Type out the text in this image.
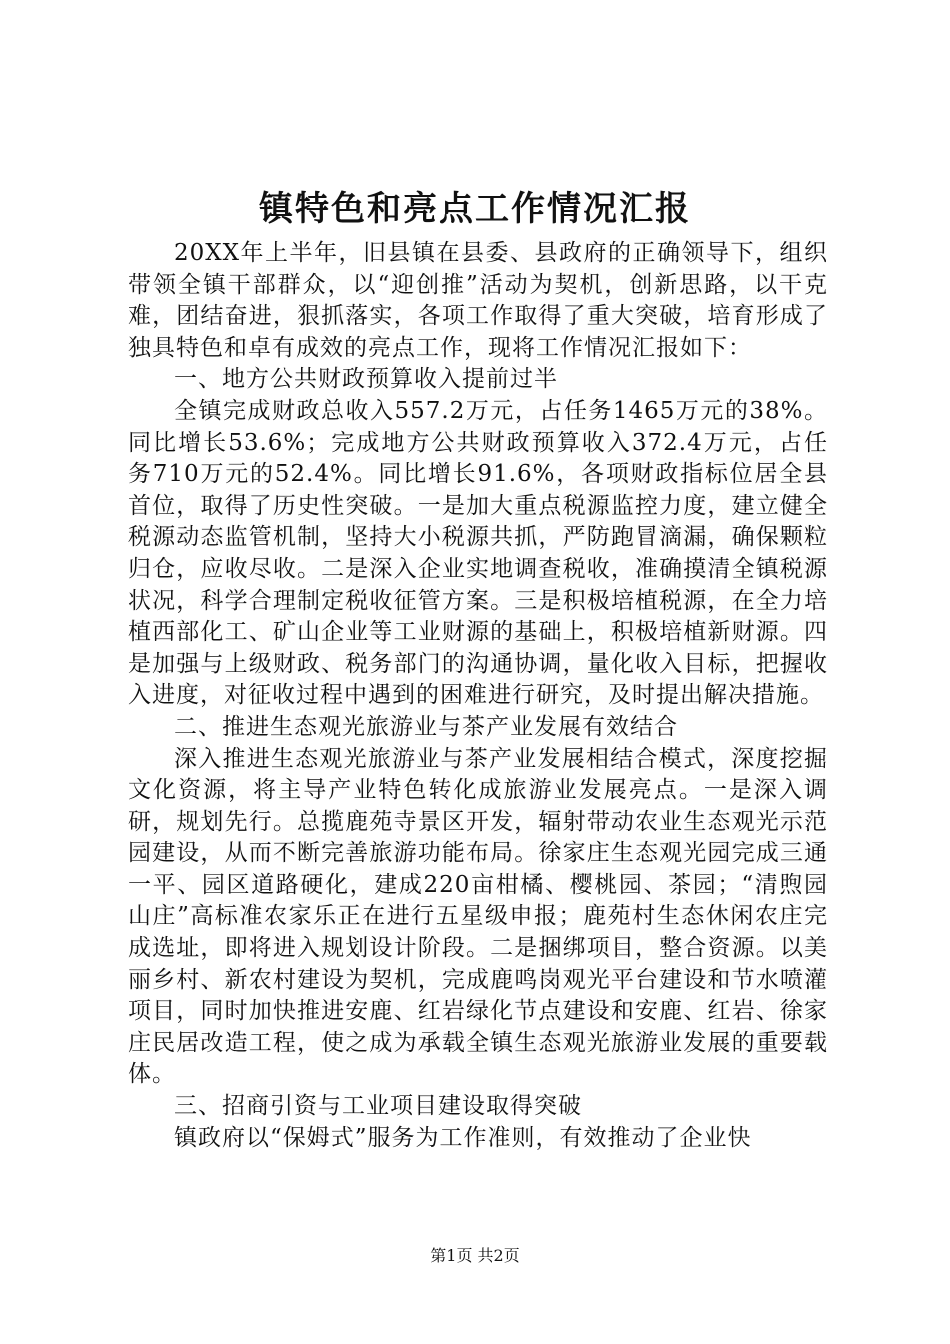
镇特色和亮点工作情况汇报

20XX年上半年，旧县镇在县委、县政府的正确领导下，组织带领全镇干部群众，以“迎创推”活动为契机，创新思路，以干克难，团结奋进，狠抓落实，各项工作取得了重大突破，培育形成了独具特色和卓有成效的亮点工作，现将工作情况汇报如下：

一、地方公共财政预算收入提前过半

全镇完成财政总收入557.2万元，占任务1465万元的38%。同比增长53.6%；完成地方公共财政预算收入372.4万元，占任务710万元的52.4%。同比增长91.6%，各项财政指标位居全县首位，取得了历史性突破。一是加大重点税源监控力度，建立健全税源动态监管机制，坚持大小税源共抓，严防跑冒滴漏，确保颗粒归仓，应收尽收。二是深入企业实地调查税收，准确摸清全镇税源状况，科学合理制定税收征管方案。三是积极培植税源，在全力培植西部化工、矿山企业等工业财源的基础上，积极培植新财源。四是加强与上级财政、税务部门的沟通协调，量化收入目标，把握收入进度，对征收过程中遇到的困难进行研究，及时提出解决措施。

二、推进生态观光旅游业与茶产业发展有效结合

深入推进生态观光旅游业与茶产业发展相结合模式，深度挖掘文化资源，将主导产业特色转化成旅游业发展亮点。一是深入调研，规划先行。总揽鹿苑寺景区开发，辐射带动农业生态观光示范园建设，从而不断完善旅游功能布局。徐家庄生态观光园完成三通一平、园区道路硬化，建成220亩柑橘、樱桃园、茶园；“清煦园山庄”高标准农家乐正在进行五星级申报；鹿苑村生态休闲农庄完成选址，即将进入规划设计阶段。二是捆绑项目，整合资源。以美丽乡村、新农村建设为契机，完成鹿鸣岗观光平台建设和节水喷灌项目，同时加快推进安鹿、红岩绿化节点建设和安鹿、红岩、徐家庄民居改造工程，使之成为承载全镇生态观光旅游业发展的重要载体。

三、招商引资与工业项目建设取得突破

镇政府以“保姆式”服务为工作准则，有效推动了企业快

第1页 共2页
